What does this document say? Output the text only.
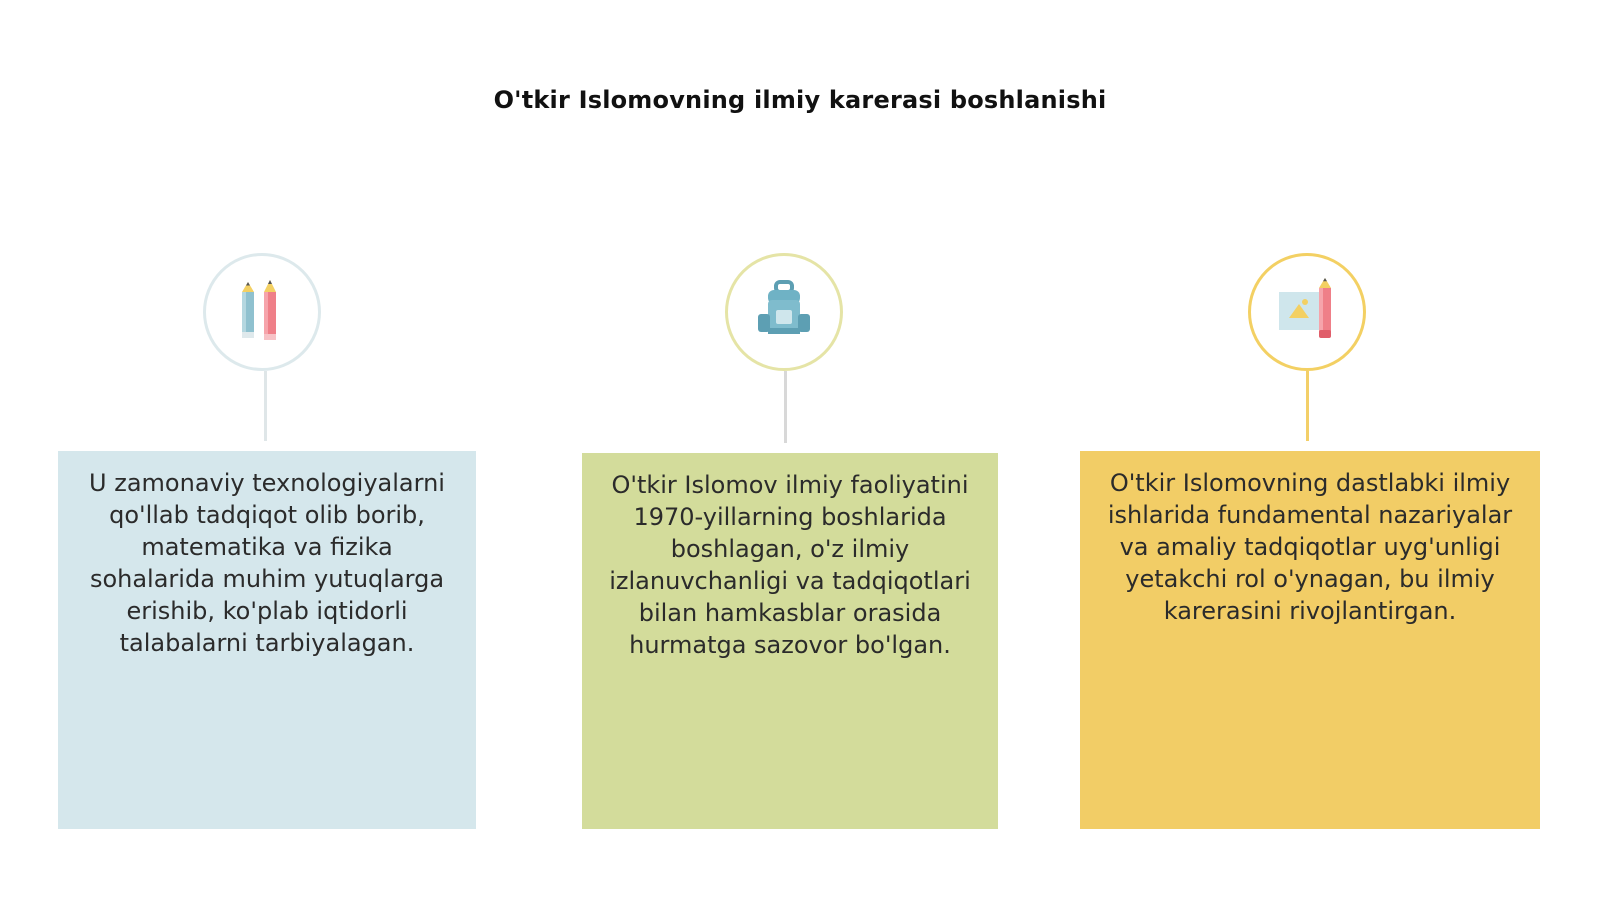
O'tkir Islomovning ilmiy karerasi boshlanishi
U zamonaviy texnologiyalarni qo'llab tadqiqot olib borib, matematika va fizika sohalarida muhim yutuqlarga erishib, ko'plab iqtidorli talabalarni tarbiyalagan.
O'tkir Islomov ilmiy faoliyatini 1970-yillarning boshlarida boshlagan, o'z ilmiy izlanuvchanligi va tadqiqotlari bilan hamkasblar orasida hurmatga sazovor bo'lgan.
O'tkir Islomovning dastlabki ilmiy ishlarida fundamental nazariyalar va amaliy tadqiqotlar uyg'unligi yetakchi rol o'ynagan, bu ilmiy karerasini rivojlantirgan.
